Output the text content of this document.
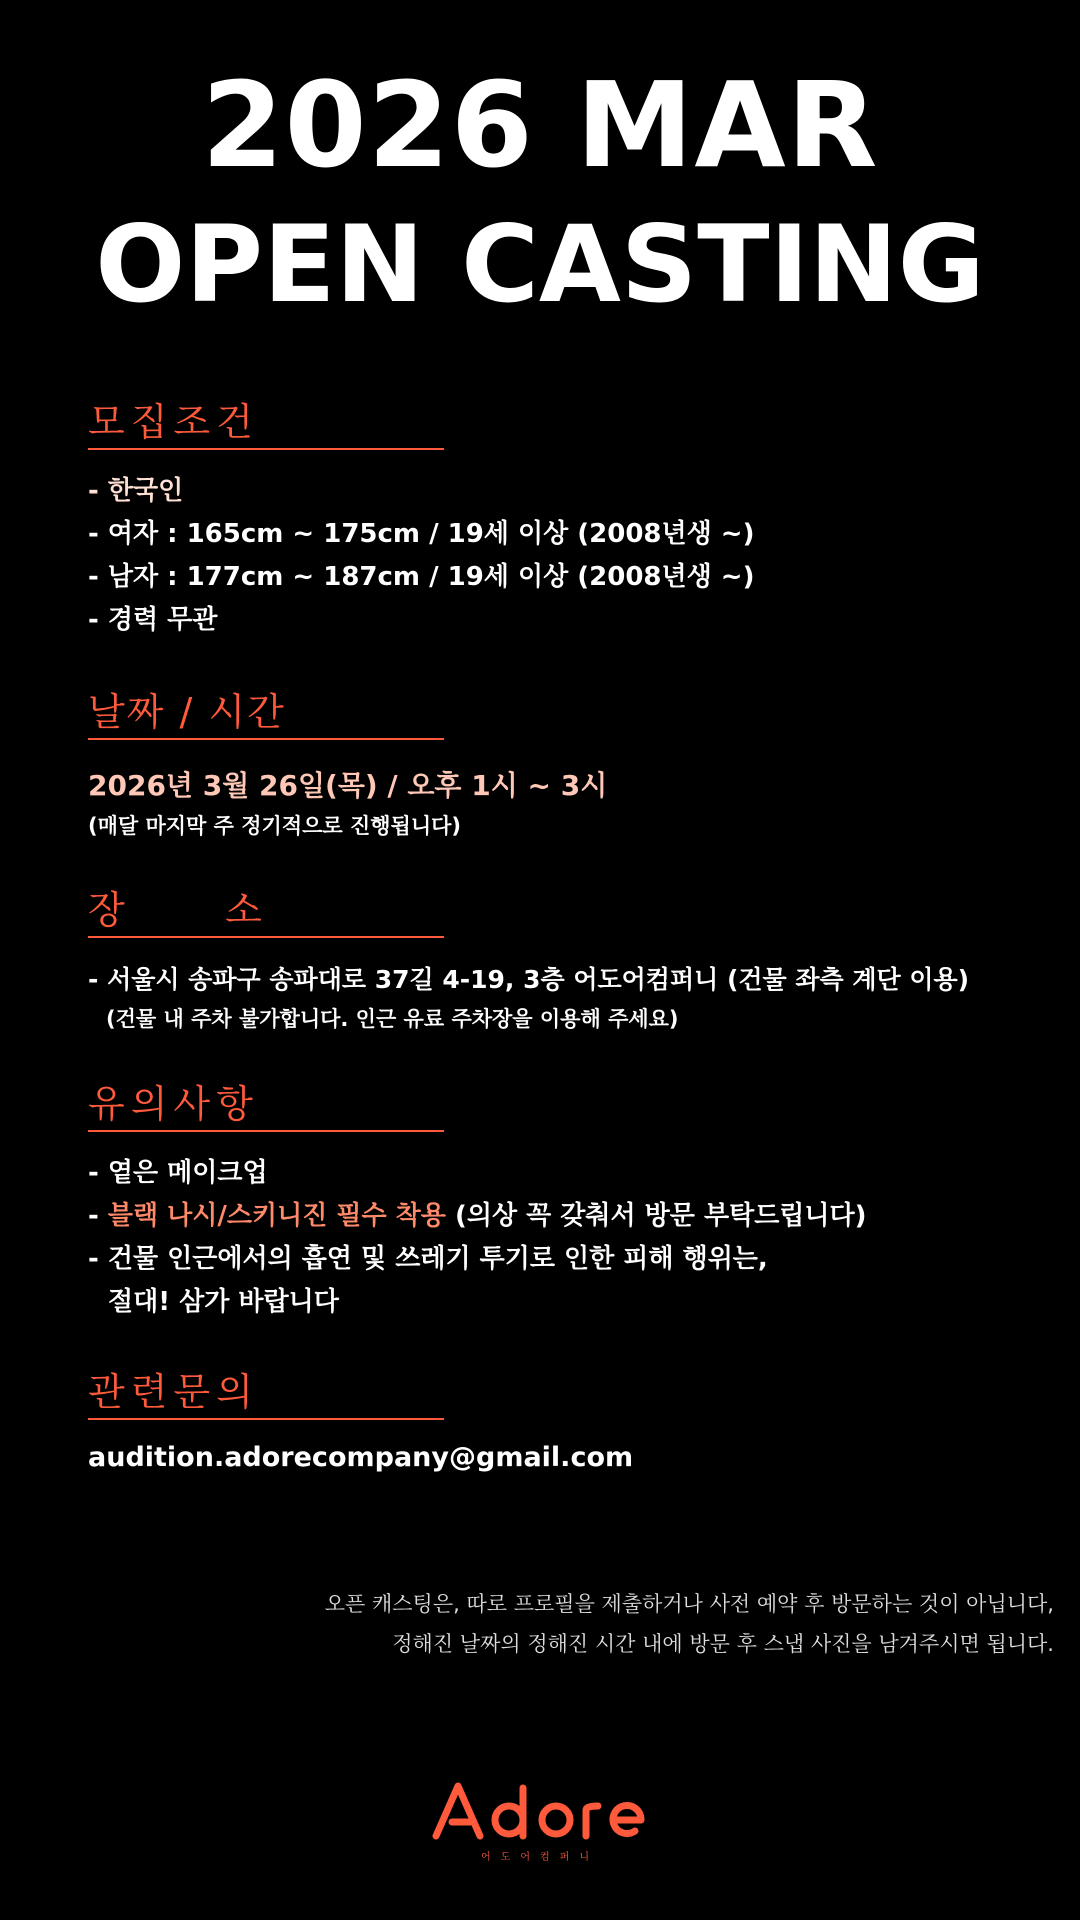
2026 MAR
OPEN CASTING
모집조건
- 한국인
- 여자 : 165cm ~ 175cm / 19세 이상 (2008년생 ~)
- 남자 : 177cm ~ 187cm / 19세 이상 (2008년생 ~)
- 경력 무관
날짜 / 시간
2026년 3월 26일(목) / 오후 1시 ~ 3시
(매달 마지막 주 정기적으로 진행됩니다)
장      소
- 서울시 송파구 송파대로 37길 4-19, 3층 어도어컴퍼니 (건물 좌측 계단 이용)
(건물 내 주차 불가합니다. 인근 유료 주차장을 이용해 주세요)
유의사항
- 옅은 메이크업
- 블랙 나시/스키니진 필수 착용 (의상 꼭 갖춰서 방문 부탁드립니다)
- 건물 인근에서의 흡연 및 쓰레기 투기로 인한 피해 행위는,
절대! 삼가 바랍니다
관련문의
audition.adorecompany@gmail.com
오픈 캐스팅은, 따로 프로필을 제출하거나 사전 예약 후 방문하는 것이 아닙니다,
정해진 날짜의 정해진 시간 내에 방문 후 스냅 사진을 남겨주시면 됩니다.
어도어컴퍼니
